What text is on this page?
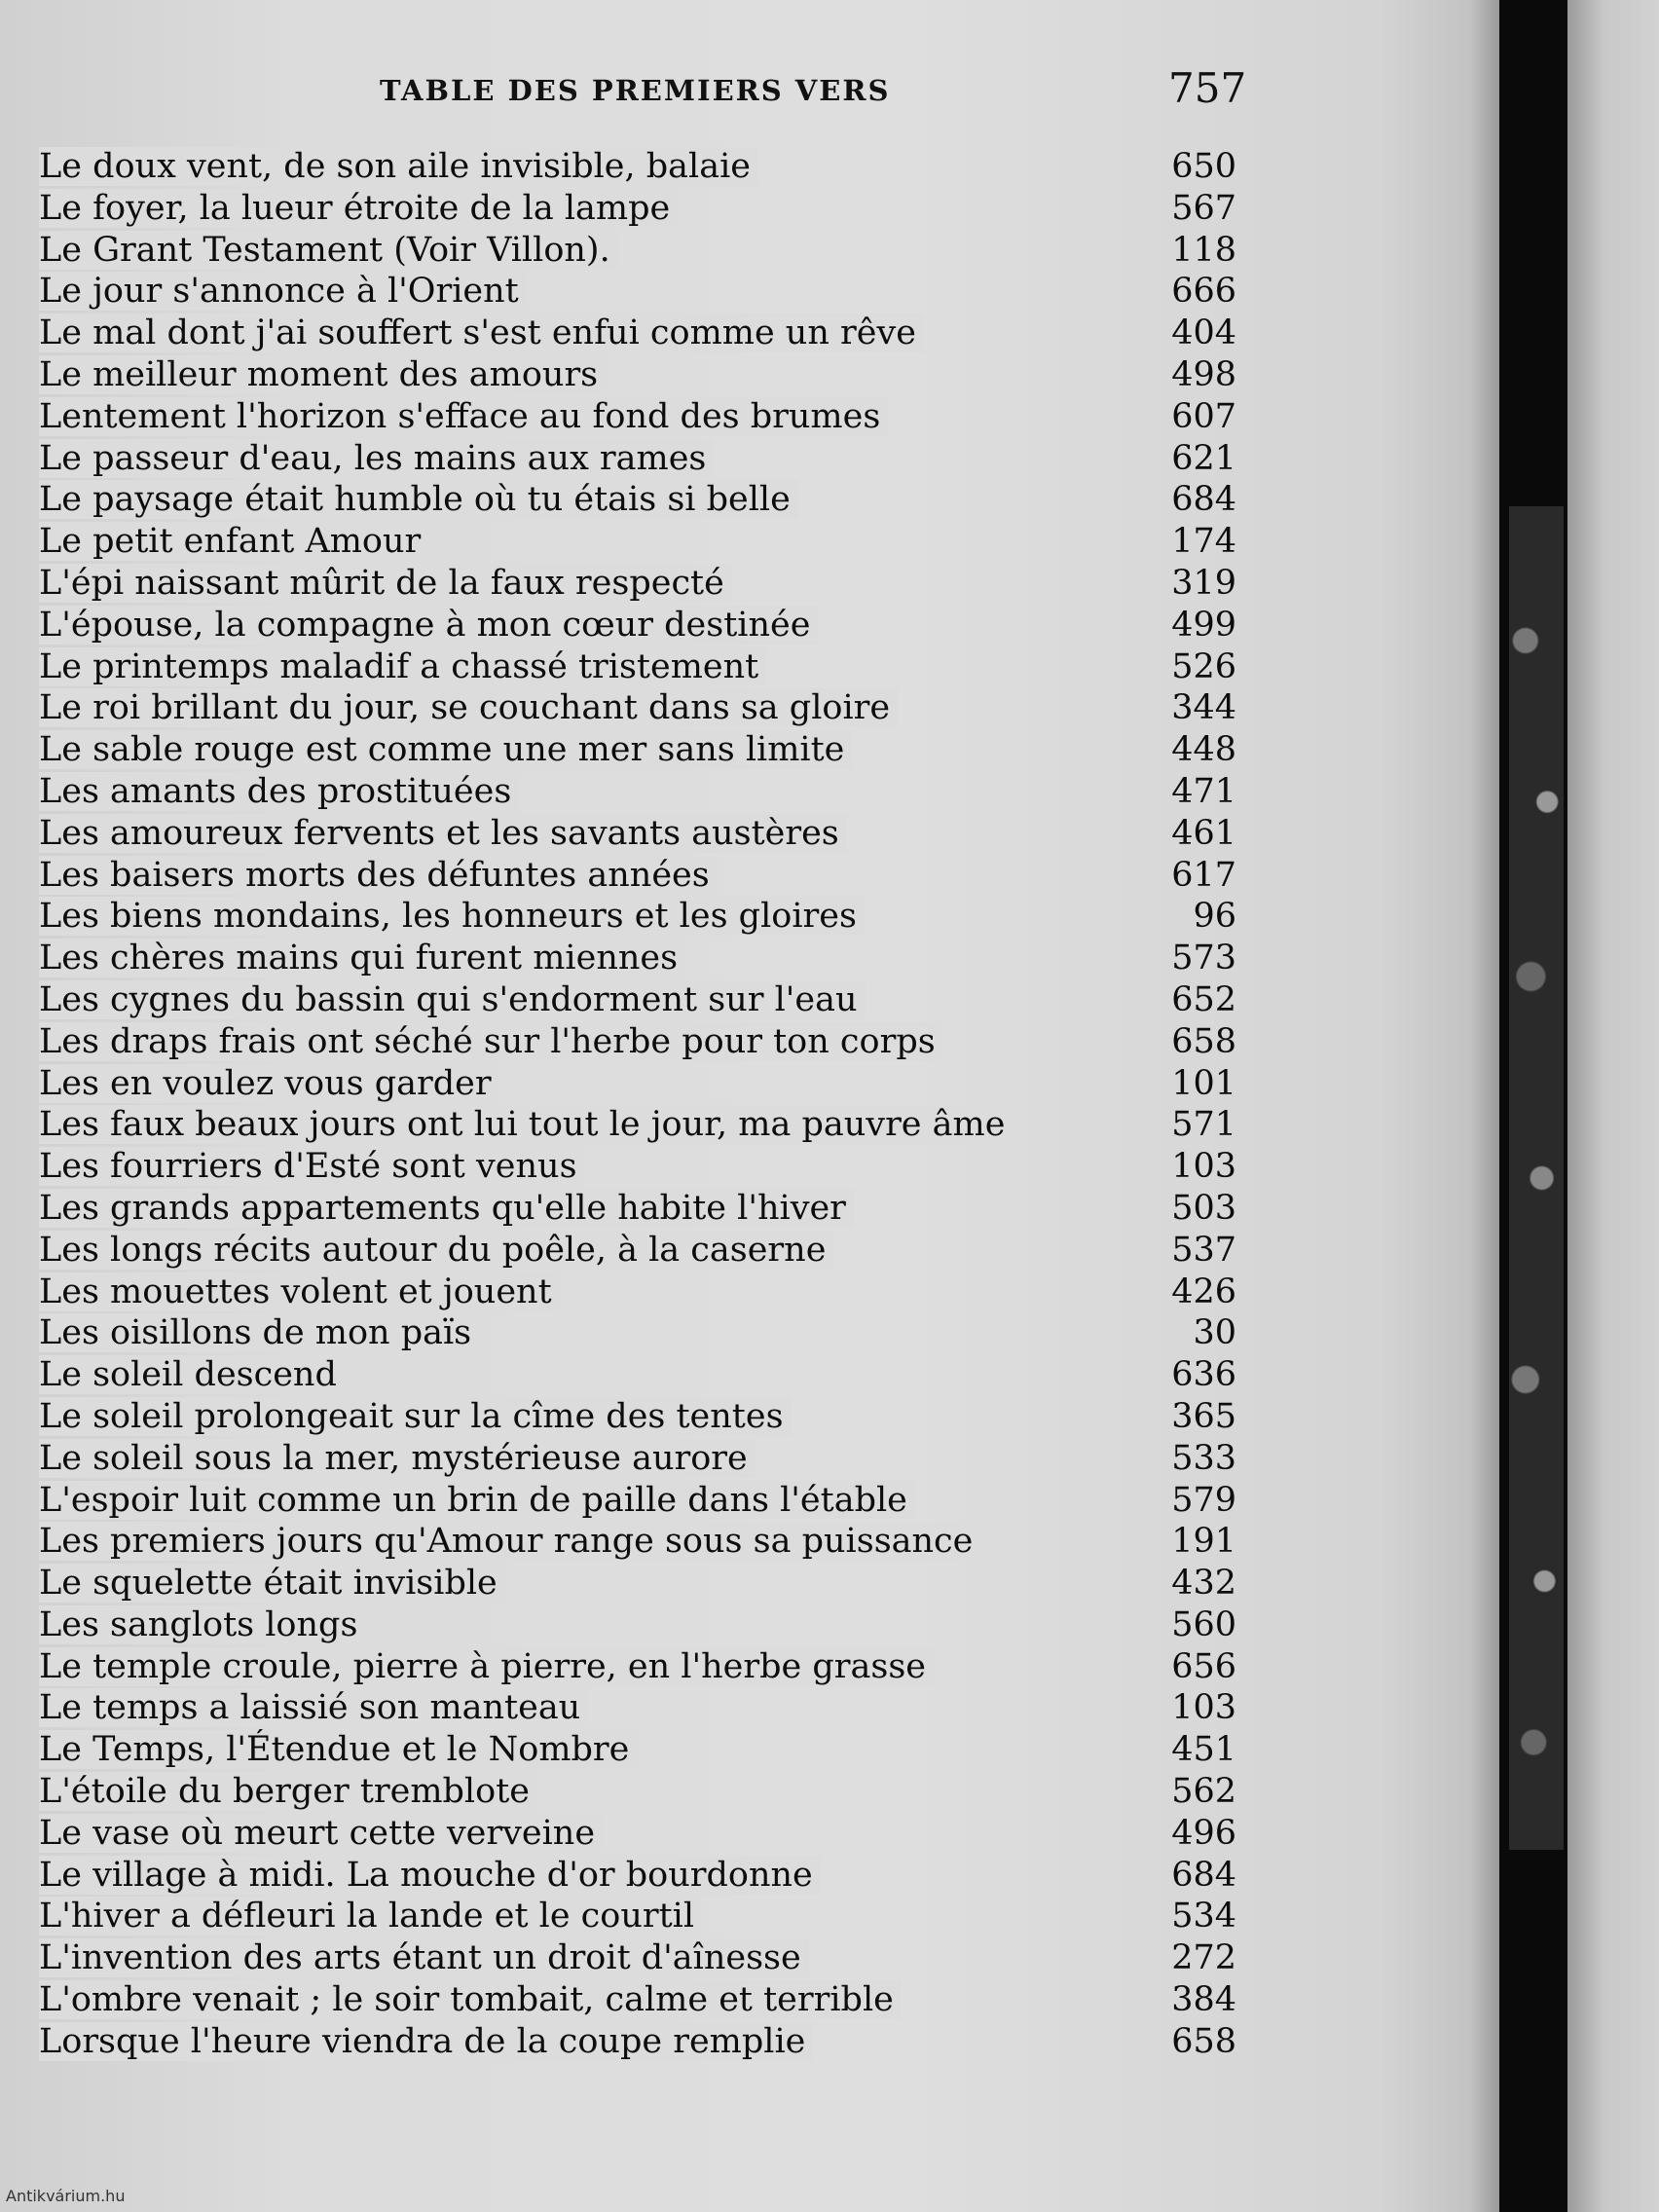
TABLE DES PREMIERS VERS	757
Le doux vent, de son aile invisible, balaie	650
Le foyer, la lueur étroite de la lampe	567
Le Grant Testament (Voir Villon).	118
Le jour s'annonce à l'Orient	666
Le mal dont j'ai souffert s'est enfui comme un rêve	404
Le meilleur moment des amours	498
Lentement l'horizon s'efface au fond des brumes	607
Le passeur d'eau, les mains aux rames	621
Le paysage était humble où tu étais si belle	684
Le petit enfant Amour	174
L'épi naissant mûrit de la faux respecté	319
L'épouse, la compagne à mon cœur destinée	499
Le printemps maladif a chassé tristement	526
Le roi brillant du jour, se couchant dans sa gloire	344
Le sable rouge est comme une mer sans limite	448
Les amants des prostituées	471
Les amoureux fervents et les savants austères	461
Les baisers morts des défuntes années	617
Les biens mondains, les honneurs et les gloires	96
Les chères mains qui furent miennes	573
Les cygnes du bassin qui s'endorment sur l'eau	652
Les draps frais ont séché sur l'herbe pour ton corps	658
Les en voulez vous garder	101
Les faux beaux jours ont lui tout le jour, ma pauvre âme	571
Les fourriers d'Esté sont venus	103
Les grands appartements qu'elle habite l'hiver	503
Les longs récits autour du poêle, à la caserne	537
Les mouettes volent et jouent	426
Les oisillons de mon païs	30
Le soleil descend	636
Le soleil prolongeait sur la cîme des tentes	365
Le soleil sous la mer, mystérieuse aurore	533
L'espoir luit comme un brin de paille dans l'étable	579
Les premiers jours qu'Amour range sous sa puissance	191
Le squelette était invisible	432
Les sanglots longs	560
Le temple croule, pierre à pierre, en l'herbe grasse	656
Le temps a laissié son manteau	103
Le Temps, l'Étendue et le Nombre	451
L'étoile du berger tremblote	562
Le vase où meurt cette verveine	496
Le village à midi. La mouche d'or bourdonne	684
L'hiver a défleuri la lande et le courtil	534
L'invention des arts étant un droit d'aînesse	272
L'ombre venait ; le soir tombait, calme et terrible	384
Lorsque l'heure viendra de la coupe remplie	658
Antikvárium.hu
